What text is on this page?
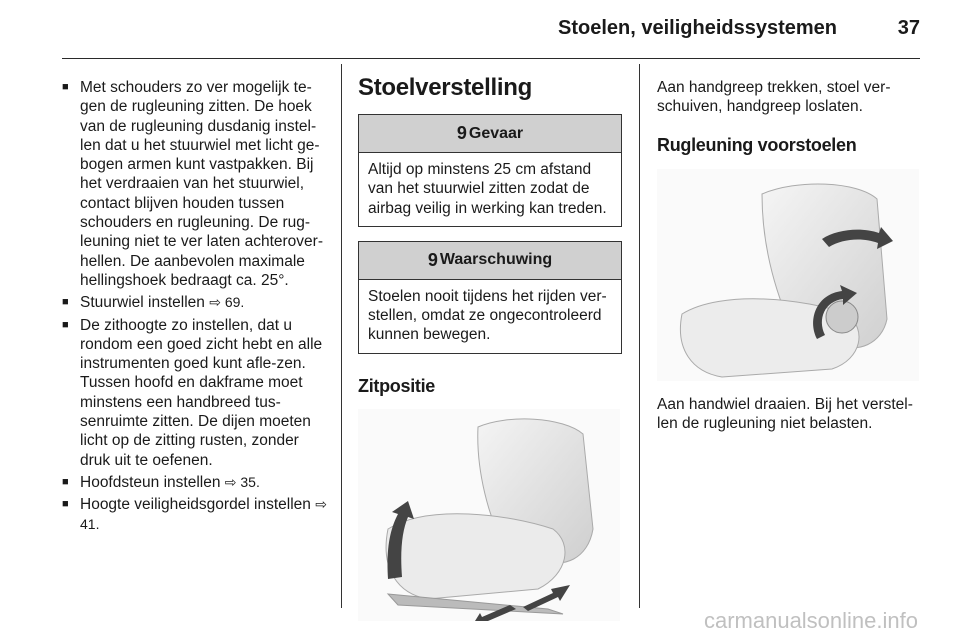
Stoelen, veiligheidssystemen	37
■ Met schouders zo ver mogelijk te-gen de rugleuning zitten. De hoek van de rugleuning dusdanig instel-len dat u het stuurwiel met licht ge-bogen armen kunt vastpakken. Bij het verdraaien van het stuurwiel, contact blijven houden tussen schouders en rugleuning. De rug-leuning niet te ver laten achterover-hellen. De aanbevolen maximale hellingshoek bedraagt ca. 25°.
■ Stuurwiel instellen ⇨ 69.
■ De zithoogte zo instellen, dat u rondom een goed zicht hebt en alle instrumenten goed kunt afle-zen. Tussen hoofd en dakframe moet minstens een handbreed tus-senruimte zitten. De dijen moeten licht op de zitting rusten, zonder druk uit te oefenen.
■ Hoofdsteun instellen ⇨ 35.
■ Hoogte veiligheidsgordel instellen ⇨ 41.
Stoelverstelling
9 Gevaar
Altijd op minstens 25 cm afstand van het stuurwiel zitten zodat de airbag veilig in werking kan treden.
9 Waarschuwing
Stoelen nooit tijdens het rijden ver-stellen, omdat ze ongecontroleerd kunnen bewegen.
Zitpositie

Aan handgreep trekken, stoel ver-schuiven, handgreep loslaten.

Rugleuning voorstoelen

Aan handwiel draaien. Bij het verstel-len de rugleuning niet belasten.

carmanualsonline.info
